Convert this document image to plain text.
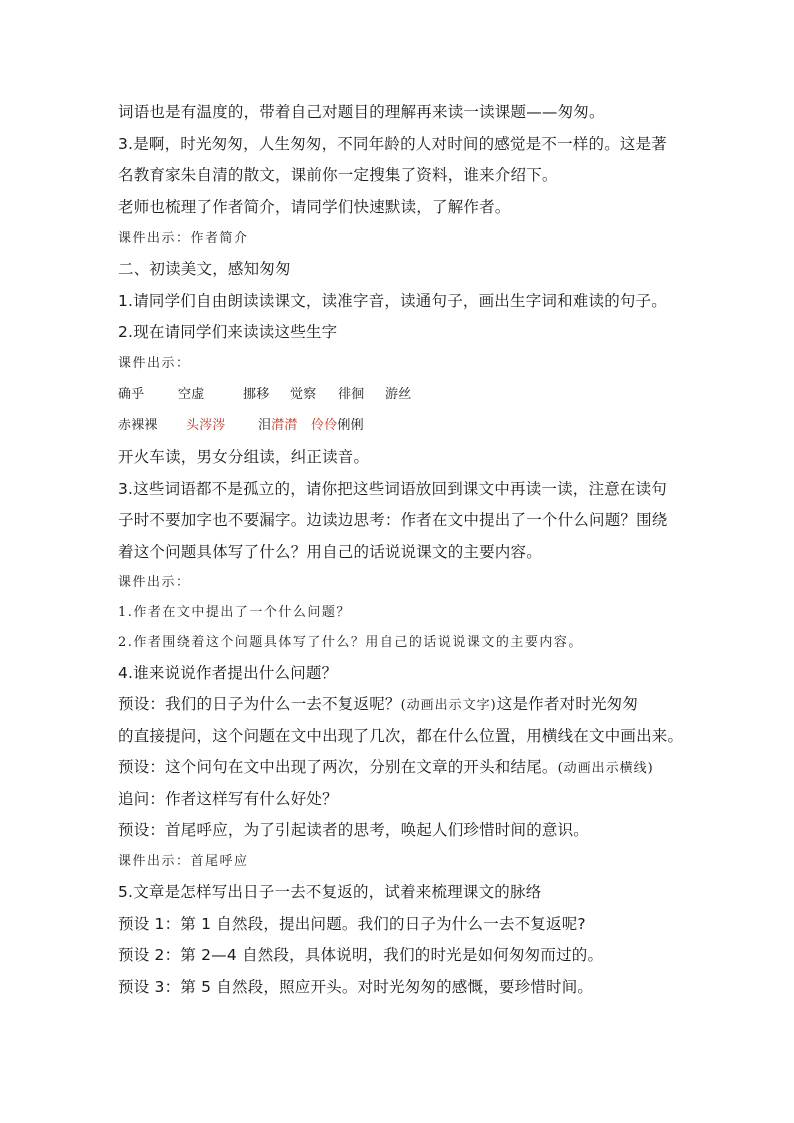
词语也是有温度的，带着自己对题目的理解再来读一读课题——匆匆。
3.是啊，时光匆匆，人生匆匆，不同年龄的人对时间的感觉是不一样的。这是著
名教育家朱自清的散文，课前你一定搜集了资料，谁来介绍下。
老师也梳理了作者简介，请同学们快速默读，了解作者。
课件出示：作者简介
二、初读美文，感知匆匆
1.请同学们自由朗读读课文，读准字音，读通句子，画出生字词和难读的句子。
2.现在请同学们来读读这些生字
课件出示：
确乎	空虚	挪移 觉察 徘徊 游丝
赤裸裸 头涔涔 泪潸潸 伶伶俐俐
开火车读，男女分组读，纠正读音。
3.这些词语都不是孤立的，请你把这些词语放回到课文中再读一读，注意在读句
子时不要加字也不要漏字。边读边思考：作者在文中提出了一个什么问题？围绕
着这个问题具体写了什么？用自己的话说说课文的主要内容。
课件出示：
1.作者在文中提出了一个什么问题？
2.作者围绕着这个问题具体写了什么？用自己的话说说课文的主要内容。
4.谁来说说作者提出什么问题？
预设：我们的日子为什么一去不复返呢？(动画出示文字)这是作者对时光匆匆
的直接提问，这个问题在文中出现了几次，都在什么位置，用横线在文中画出来。
预设：这个问句在文中出现了两次，分别在文章的开头和结尾。(动画出示横线)
追问：作者这样写有什么好处？
预设：首尾呼应，为了引起读者的思考，唤起人们珍惜时间的意识。
课件出示：首尾呼应
5.文章是怎样写出日子一去不复返的，试着来梳理课文的脉络
预设 1：第 1 自然段，提出问题。我们的日子为什么一去不复返呢?
预设 2：第 2—4 自然段，具体说明，我们的时光是如何匆匆而过的。
预设 3：第 5 自然段，照应开头。对时光匆匆的感慨，要珍惜时间。
